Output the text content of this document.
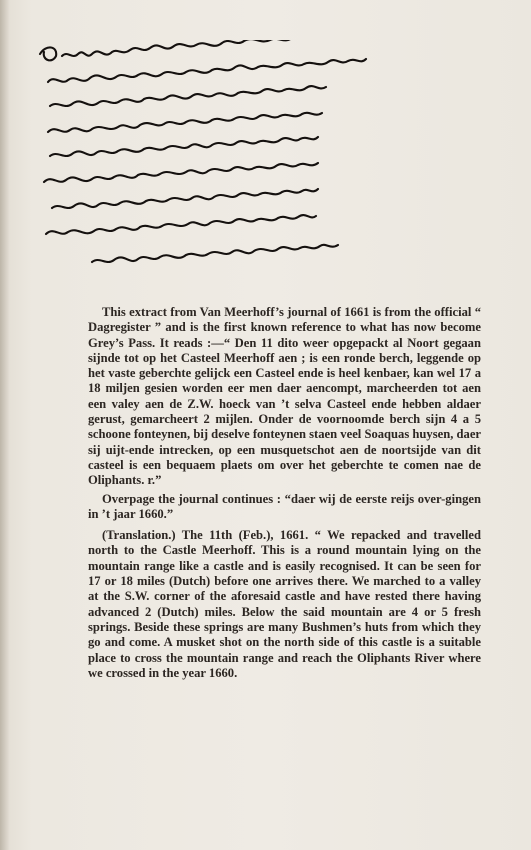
This extract from Van Meerhoff’s journal of 1661 is from the official “ Dagregister ” and is the first known reference to what has now become Grey’s Pass. It reads :—“ Den 11 dito weer opgepackt al Noort gegaan sijnde tot op het Casteel Meerhoff aen ; is een ronde berch, leggende op het vaste geberchte gelijck een Casteel ende is heel kenbaer, kan wel 17 a 18 miljen gesien worden eer men daer aencompt, marcheerden tot aen een valey aen de Z.W. hoeck van ’t selva Casteel ende hebben aldaer gerust, gemarcheert 2 mijlen. Onder de voornoomde berch sijn 4 a 5 schoone fonteynen, bij deselve fonteynen staen veel Soaquas huysen, daer sij uijt-ende intrecken, op een musquetschot aen de noortsijde van dit casteel is een bequaem plaets om over het geberchte te comen nae de Oliphants. r.”

Overpage the journal continues : “daer wij de eerste reijs over-gingen in ’t jaar 1660.”

(Translation.) The 11th (Feb.), 1661. “ We repacked and travelled north to the Castle Meerhoff. This is a round mountain lying on the mountain range like a castle and is easily recognised. It can be seen for 17 or 18 miles (Dutch) before one arrives there. We marched to a valley at the S.W. corner of the aforesaid castle and have rested there having advanced 2 (Dutch) miles. Below the said mountain are 4 or 5 fresh springs. Beside these springs are many Bushmen’s huts from which they go and come. A musket shot on the north side of this castle is a suitable place to cross the mountain range and reach the Oliphants River where we crossed in the year 1660.
